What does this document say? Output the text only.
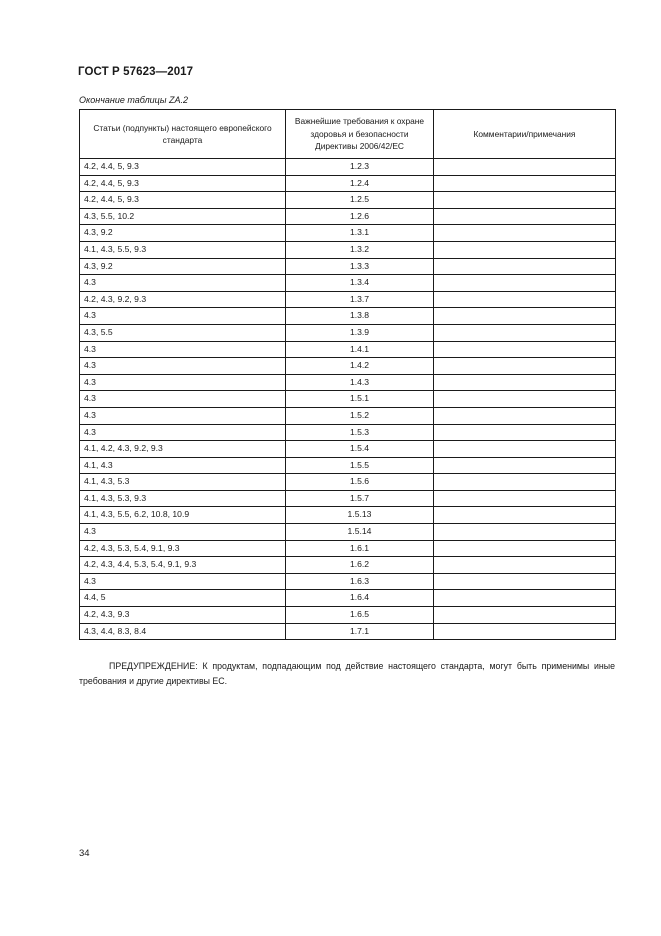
ГОСТ Р 57623—2017
Окончание таблицы ZA.2
Статьи (подпункты) настоящего европейского стандарта	Важнейшие требования к охране здоровья и безопасности Директивы 2006/42/ЕС	Комментарии/примечания
4.2, 4.4, 5, 9.3	1.2.3	
4.2, 4.4, 5, 9.3	1.2.4	
4.2, 4.4, 5, 9.3	1.2.5	
4.3, 5.5, 10.2	1.2.6	
4.3, 9.2	1.3.1	
4.1, 4.3, 5.5, 9.3	1.3.2	
4.3, 9.2	1.3.3	
4.3	1.3.4	
4.2, 4.3, 9.2, 9.3	1.3.7	
4.3	1.3.8	
4.3, 5.5	1.3.9	
4.3	1.4.1	
4.3	1.4.2	
4.3	1.4.3	
4.3	1.5.1	
4.3	1.5.2	
4.3	1.5.3	
4.1, 4.2, 4.3, 9.2, 9.3	1.5.4	
4.1, 4.3	1.5.5	
4.1, 4.3, 5.3	1.5.6	
4.1, 4.3, 5.3, 9.3	1.5.7	
4.1, 4.3, 5.5, 6.2, 10.8, 10.9	1.5.13	
4.3	1.5.14	
4.2, 4.3, 5.3, 5.4, 9.1, 9.3	1.6.1	
4.2, 4.3, 4.4, 5.3, 5.4, 9.1, 9.3	1.6.2	
4.3	1.6.3	
4.4, 5	1.6.4	
4.2, 4.3, 9.3	1.6.5	
4.3, 4.4, 8.3, 8.4	1.7.1	
ПРЕДУПРЕЖДЕНИЕ: К продуктам, подпадающим под действие настоящего стандарта, могут быть применимы иные требования и другие директивы ЕС.
34
